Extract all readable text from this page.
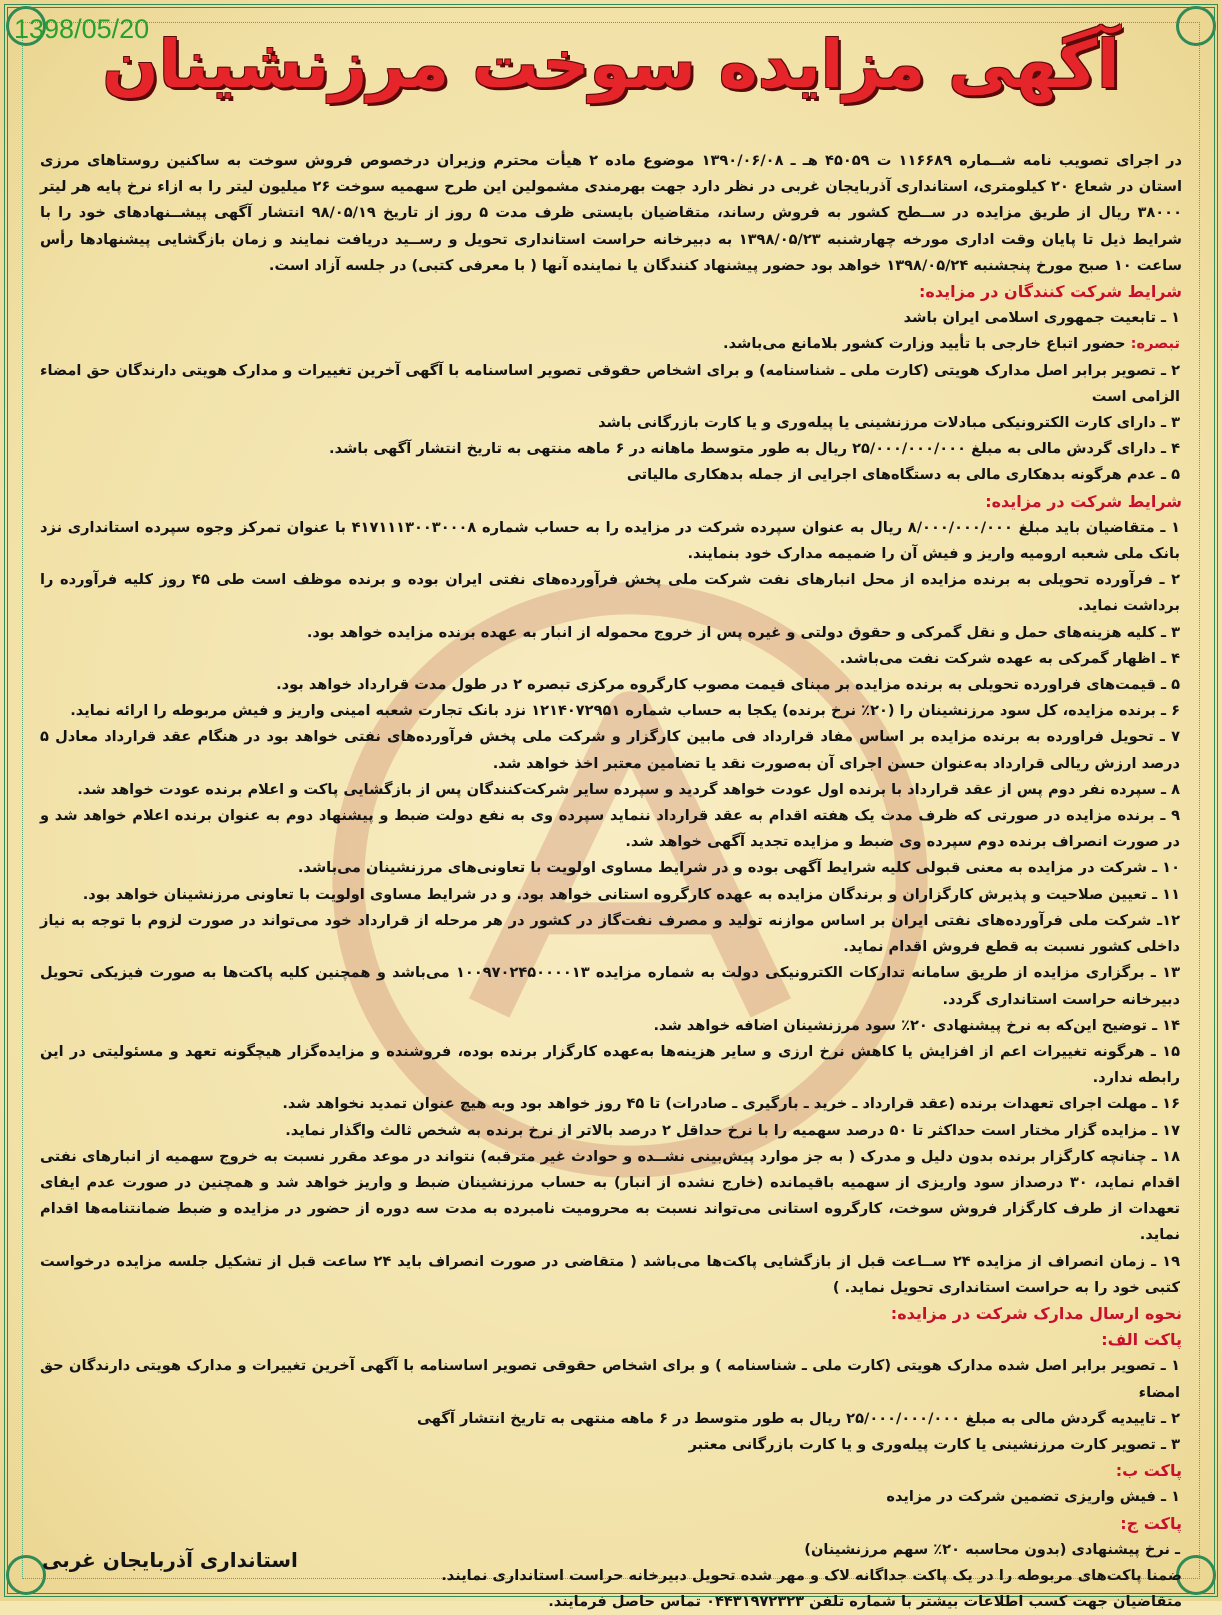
1398/05/20
آگهی مزایده سوخت مرزنشینان

در اجرای تصویب نامه شــماره ۱۱۶۶۸۹ ت ۴۵۰۵۹ هـ ـ ۱۳۹۰/۰۶/۰۸ موضوع ماده ۲ هیأت محترم وزیران درخصوص فروش سوخت به ساکنین روستاهای مرزی استان در شعاع ۲۰ کیلومتری، استانداری آذربایجان غربی در نظر دارد جهت بهرمندی مشمولین این طرح سهمیه سوخت ۲۶ میلیون لیتر را به ازاء نرخ پایه هر لیتر ۳۸۰۰۰ ریال از طریق مزایده در ســطح کشور به فروش رساند، متقاضیان بایستی ظرف مدت ۵ روز از تاریخ ۹۸/۰۵/۱۹ انتشار آگهی پیشــنهادهای خود را با شرایط ذیل تا پایان وقت اداری مورخه چهارشنبه ۱۳۹۸/۰۵/۲۳ به دبیرخانه حراست استانداری تحویل و رســید دریافت نمایند و زمان بازگشایی پیشنهادها رأس ساعت ۱۰ صبح مورخ پنجشنبه ۱۳۹۸/۰۵/۲۴ خواهد بود حضور پیشنهاد کنندگان یا نماینده آنها ( با معرفی کتبی) در جلسه آزاد است.

شرایط شرکت کنندگان در مزایده:

۱ ـ تابعیت جمهوری اسلامی ایران باشد

تبصره: حضور اتباع خارجی با تأیید وزارت کشور بلامانع می‌باشد.

۲ ـ تصویر برابر اصل مدارک هویتی (کارت ملی ـ شناسنامه) و برای اشخاص حقوقی تصویر اساسنامه با آگهی آخرین تغییرات و مدارک هویتی دارندگان حق امضاء الزامی است

۳ ـ دارای کارت الکترونیکی مبادلات مرزنشینی یا پیله‌وری و یا کارت بازرگانی باشد

۴ ـ دارای گردش مالی به مبلغ ۲۵/۰۰۰/۰۰۰/۰۰۰ ریال به طور متوسط ماهانه در ۶ ماهه منتهی به تاریخ انتشار آگهی باشد.

۵ ـ عدم هرگونه بدهکاری مالی به دستگاه‌های اجرایی از جمله بدهکاری مالیاتی

شرایط شرکت در مزایده:

۱ ـ متقاضیان باید مبلغ ۸/۰۰۰/۰۰۰/۰۰۰ ریال به عنوان سپرده شرکت در مزایده را به حساب شماره ۴۱۷۱۱۱۳۰۰۳۰۰۰۸ با عنوان تمرکز وجوه سپرده استانداری نزد بانک ملی شعبه ارومیه واریز و فیش آن را ضمیمه مدارک خود بنمایند.

۲ ـ فرآورده تحویلی به برنده مزایده از محل انبارهای نفت شرکت ملی پخش فرآورده‌های نفتی ایران بوده و برنده موظف است طی ۴۵ روز کلیه فرآورده را برداشت نماید.

۳ ـ کلیه هزینه‌های حمل و نقل گمرکی و حقوق دولتی و غیره پس از خروج محموله از انبار به عهده برنده مزایده خواهد بود.

۴ ـ اظهار گمرکی به عهده شرکت نفت می‌باشد.

۵ ـ قیمت‌های فراورده تحویلی به برنده مزایده بر مبنای قیمت مصوب کارگروه مرکزی تبصره ۲ در طول مدت قرارداد خواهد بود.

۶ ـ برنده مزایده، کل سود مرزنشینان را (۲۰٪ نرخ برنده) یکجا به حساب شماره ۱۲۱۴۰۷۲۹۵۱ نزد بانک تجارت شعبه امینی واریز و فیش مربوطه را ارائه نماید.

۷ ـ تحویل فراورده به برنده مزایده بر اساس مفاد قرارداد فی مابین کارگزار و شرکت ملی پخش فرآورده‌های نفتی خواهد بود در هنگام عقد قرارداد معادل ۵ درصد ارزش ریالی قرارداد به‌عنوان حسن اجرای آن به‌صورت نقد یا تضامین معتبر اخذ خواهد شد.

۸ ـ سپرده نفر دوم پس از عقد قرارداد با برنده اول عودت خواهد گردید و سپرده سایر شرکت‌کنندگان پس از بازگشایی پاکت و اعلام برنده عودت خواهد شد.

۹ ـ برنده مزایده در صورتی که ظرف مدت یک هفته اقدام به عقد قرارداد ننماید سپرده وی به نفع دولت ضبط و پیشنهاد دوم به عنوان برنده اعلام خواهد شد و در صورت انصراف برنده دوم سپرده وی ضبط و مزایده تجدید آگهی خواهد شد.

۱۰ ـ شرکت در مزایده به معنی قبولی کلیه شرایط آگهی بوده و در شرایط مساوی اولویت با تعاونی‌های مرزنشینان می‌باشد.

۱۱ ـ تعیین صلاحیت و پذیرش کارگزاران و برندگان مزایده به عهده کارگروه استانی خواهد بود. و در شرایط مساوی اولویت با تعاونی مرزنشینان خواهد بود.

۱۲ـ شرکت ملی فرآورده‌های نفتی ایران بر اساس موازنه تولید و مصرف نفت‌گاز در کشور در هر مرحله از قرارداد خود می‌تواند در صورت لزوم با توجه به نیاز داخلی کشور نسبت به قطع فروش اقدام نماید.

۱۳ ـ برگزاری مزایده از طریق سامانه تدارکات الکترونیکی دولت به شماره مزایده ۱۰۰۹۷۰۲۴۵۰۰۰۰۱۳ می‌باشد و همچنین کلیه پاکت‌ها به صورت فیزیکی تحویل دبیرخانه حراست استانداری گردد.

۱۴ ـ توضیح این‌که به نرخ پیشنهادی ۲۰٪ سود مرزنشینان اضافه خواهد شد.

۱۵ ـ هرگونه تغییرات اعم از افزایش یا کاهش نرخ ارزی و سایر هزینه‌ها به‌عهده کارگزار برنده بوده، فروشنده و مزایده‌گزار هیچگونه تعهد و مسئولیتی در این رابطه ندارد.

۱۶ ـ مهلت اجرای تعهدات برنده (عقد قرارداد ـ خرید ـ بارگیری ـ صادرات) تا ۴۵ روز خواهد بود وبه هیچ عنوان تمدید نخواهد شد.

۱۷ ـ مزایده گزار مختار است حداکثر تا ۵۰ درصد سهمیه را با نرخ حداقل ۲ درصد بالاتر از نرخ برنده به شخص ثالث واگذار نماید.

۱۸ ـ چنانچه کارگزار برنده بدون دلیل و مدرک ( به جز موارد پیش‌بینی نشــده و حوادث غیر مترقبه) نتواند در موعد مقرر نسبت به خروج سهمیه از انبارهای نفتی اقدام نماید، ۳۰ درصداز سود واریزی از سهمیه باقیمانده (خارج نشده از انبار) به حساب مرزنشینان ضبط و واریز خواهد شد و همچنین در صورت عدم ایفای تعهدات از طرف کارگزار فروش سوخت، کارگروه استانی می‌تواند نسبت به محرومیت نامبرده به مدت سه دوره از حضور در مزایده و ضبط ضمانتنامه‌ها اقدام نماید.

۱۹ ـ زمان انصراف از مزایده ۲۴ ســاعت قبل از بازگشایی پاکت‌ها می‌باشد ( متقاضی در صورت انصراف باید ۲۴ ساعت قبل از تشکیل جلسه مزایده درخواست کتبی خود را به حراست استانداری تحویل نماید. )

نحوه ارسال مدارک شرکت در مزایده:

پاکت الف:

۱ ـ تصویر برابر اصل شده مدارک هویتی (کارت ملی ـ شناسنامه ) و برای اشخاص حقوقی تصویر اساسنامه با آگهی آخرین تغییرات و مدارک هویتی دارندگان حق امضاء

۲ ـ تاییدیه گردش مالی به مبلغ ۲۵/۰۰۰/۰۰۰/۰۰۰ ریال به طور متوسط در ۶ ماهه منتهی به تاریخ انتشار آگهی

۳ ـ تصویر کارت مرزنشینی یا کارت پیله‌وری و یا کارت بازرگانی معتبر

پاکت ب:

۱ ـ فیش واریزی تضمین شرکت در مزایده

پاکت ج:

ـ نرخ پیشنهادی (بدون محاسبه ۲۰٪ سهم مرزنشینان)

ضمنا پاکت‌های مربوطه را در یک پاکت جداگانه لاک و مهر شده تحویل دبیرخانه حراست استانداری نمایند.

متقاضیان جهت کسب اطلاعات بیشتر با شماره تلفن ۰۴۴۳۱۹۷۲۳۲۳ تماس حاصل فرمایند.

استانداری آذربایجان غربی
